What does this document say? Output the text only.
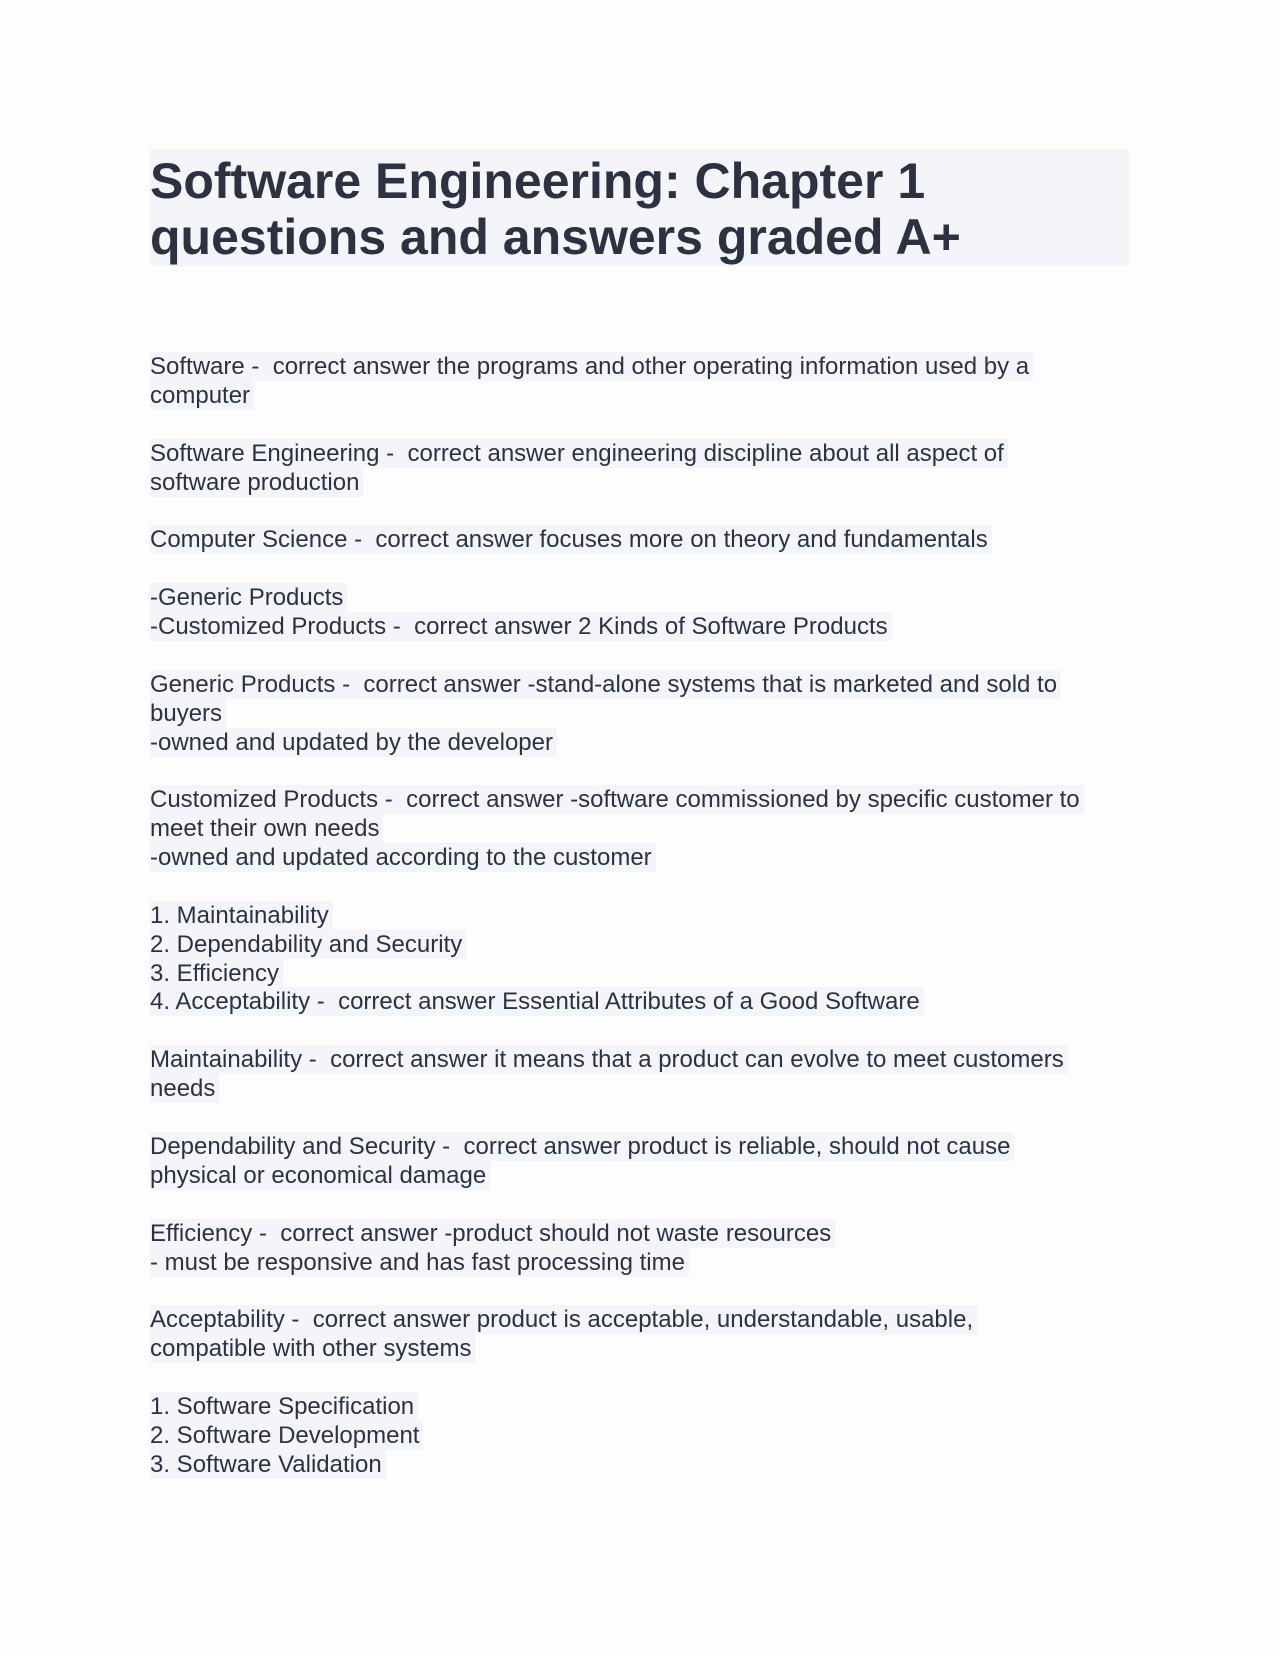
Software Engineering: Chapter 1
questions and answers graded A+
Software -  correct answer the programs and other operating information used by a
computer
Software Engineering -  correct answer engineering discipline about all aspect of
software production
Computer Science -  correct answer focuses more on theory and fundamentals
-Generic Products
-Customized Products -  correct answer 2 Kinds of Software Products
Generic Products -  correct answer -stand-alone systems that is marketed and sold to
buyers
-owned and updated by the developer
Customized Products -  correct answer -software commissioned by specific customer to
meet their own needs
-owned and updated according to the customer
1. Maintainability
2. Dependability and Security
3. Efficiency
4. Acceptability -  correct answer Essential Attributes of a Good Software
Maintainability -  correct answer it means that a product can evolve to meet customers
needs
Dependability and Security -  correct answer product is reliable, should not cause
physical or economical damage
Efficiency -  correct answer -product should not waste resources
- must be responsive and has fast processing time
Acceptability -  correct answer product is acceptable, understandable, usable,
compatible with other systems
1. Software Specification
2. Software Development
3. Software Validation
